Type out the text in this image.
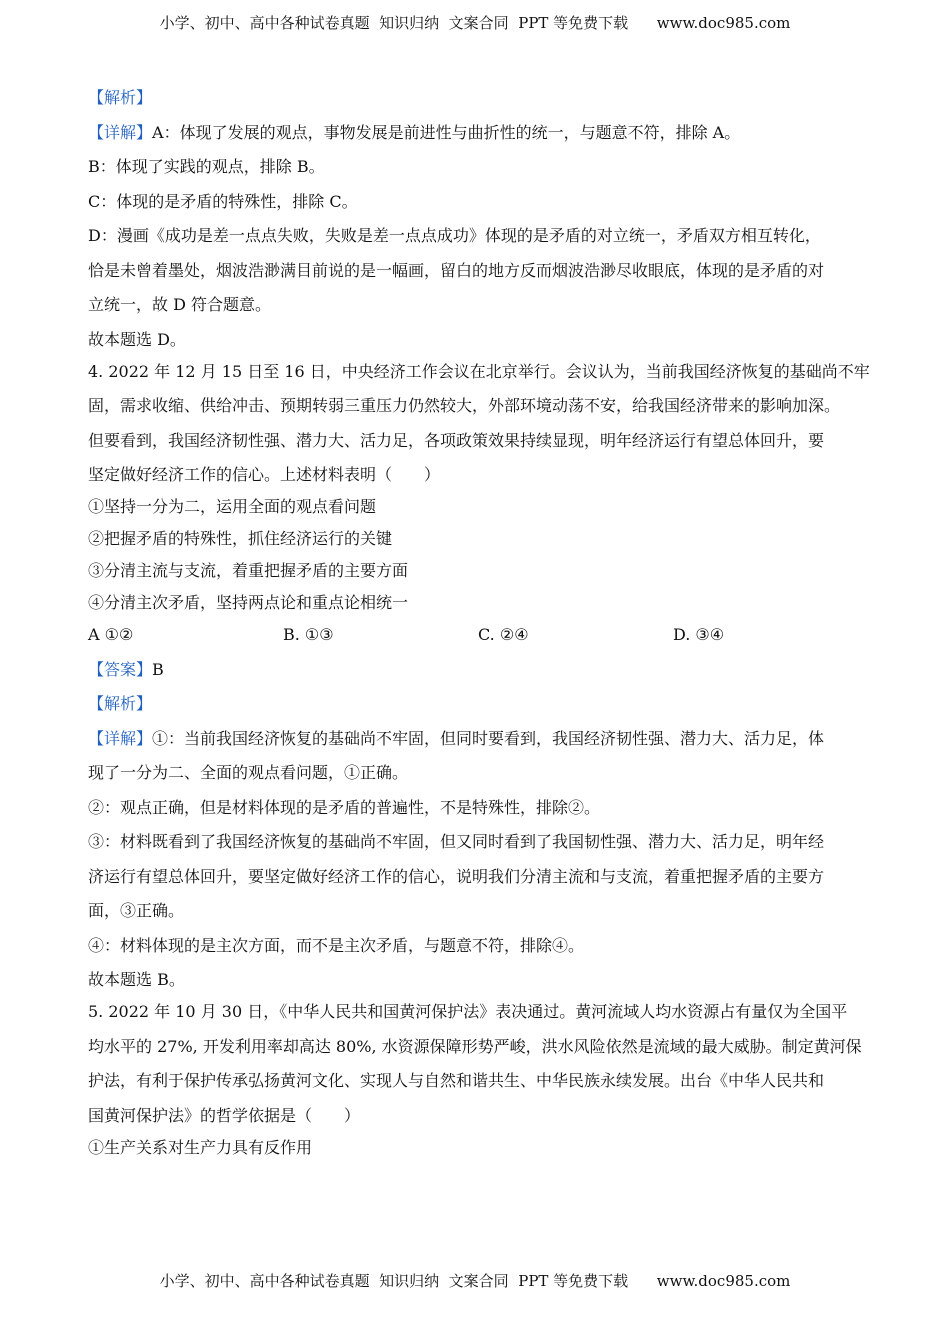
小学、初中、高中各种试卷真题  知识归纳  文案合同  PPT 等免费下载      www.doc985.com
【解析】
【详解】A：体现了发展的观点，事物发展是前进性与曲折性的统一，与题意不符，排除 A。
B：体现了实践的观点，排除 B。
C：体现的是矛盾的特殊性，排除 C。
D：漫画《成功是差一点点失败，失败是差一点点成功》体现的是矛盾的对立统一，矛盾双方相互转化，
恰是未曾着墨处，烟波浩渺满目前说的是一幅画，留白的地方反而烟波浩渺尽收眼底，体现的是矛盾的对
立统一，故 D 符合题意。
故本题选 D。
4. 2022 年 12 月 15 日至 16 日，中央经济工作会议在北京举行。会议认为，当前我国经济恢复的基础尚不牢
固，需求收缩、供给冲击、预期转弱三重压力仍然较大，外部环境动荡不安，给我国经济带来的影响加深。
但要看到，我国经济韧性强、潜力大、活力足，各项政策效果持续显现，明年经济运行有望总体回升，要
坚定做好经济工作的信心。上述材料表明（　　）
①坚持一分为二，运用全面的观点看问题
②把握矛盾的特殊性，抓住经济运行的关键
③分清主流与支流，着重把握矛盾的主要方面
④分清主次矛盾，坚持两点论和重点论相统一
A ①②	B. ①③	C. ②④	D. ③④
【答案】B
【解析】
【详解】①：当前我国经济恢复的基础尚不牢固，但同时要看到，我国经济韧性强、潜力大、活力足，体
现了一分为二、全面的观点看问题，①正确。
②：观点正确，但是材料体现的是矛盾的普遍性，不是特殊性，排除②。
③：材料既看到了我国经济恢复的基础尚不牢固，但又同时看到了我国韧性强、潜力大、活力足，明年经
济运行有望总体回升，要坚定做好经济工作的信心，说明我们分清主流和与支流，着重把握矛盾的主要方
面，③正确。
④：材料体现的是主次方面，而不是主次矛盾，与题意不符，排除④。
故本题选 B。
5. 2022 年 10 月 30 日，《中华人民共和国黄河保护法》表决通过。黄河流域人均水资源占有量仅为全国平
均水平的 27%, 开发利用率却高达 80%, 水资源保障形势严峻，洪水风险依然是流域的最大威胁。制定黄河保
护法，有利于保护传承弘扬黄河文化、实现人与自然和谐共生、中华民族永续发展。出台《中华人民共和
国黄河保护法》的哲学依据是（　　）
①生产关系对生产力具有反作用
小学、初中、高中各种试卷真题  知识归纳  文案合同  PPT 等免费下载      www.doc985.com
